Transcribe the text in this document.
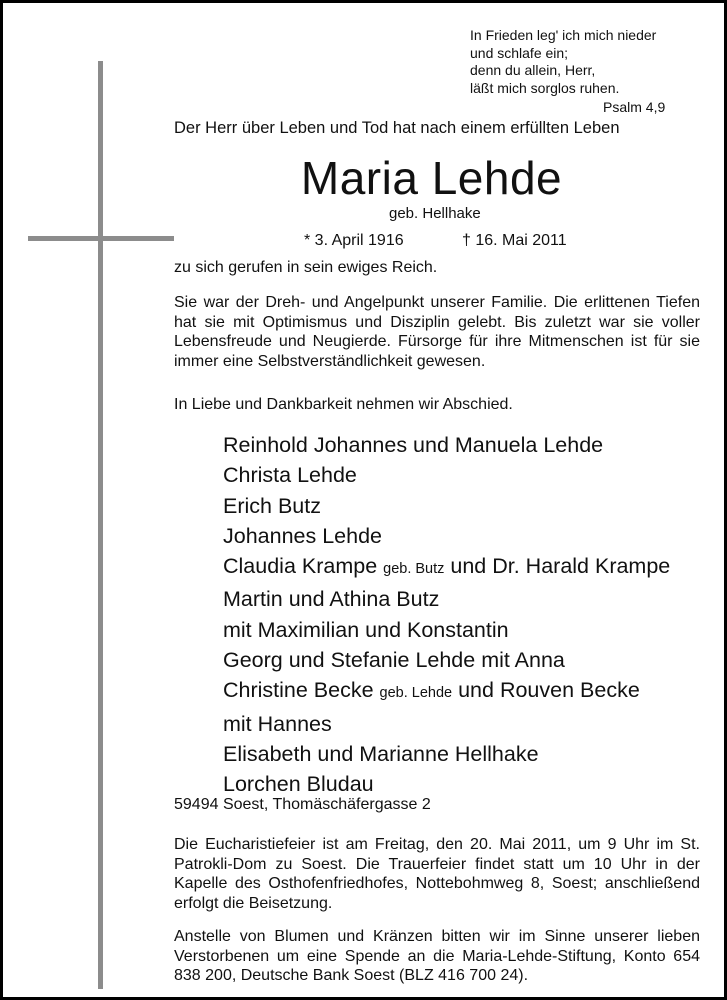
In Frieden leg' ich mich nieder
und schlafe ein;
denn du allein, Herr,
läßt mich sorglos ruhen.
Psalm 4,9
Der Herr über Leben und Tod hat nach einem erfüllten Leben
Maria Lehde
geb. Hellhake
* 3. April 1916	† 16. Mai 2011
zu sich gerufen in sein ewiges Reich.
Sie war der Dreh- und Angelpunkt unserer Familie. Die erlittenen Tiefen hat sie mit Optimismus und Disziplin gelebt. Bis zuletzt war sie voller Lebensfreude und Neugierde. Fürsorge für ihre Mitmenschen ist für sie immer eine Selbstverständlichkeit gewesen.
In Liebe und Dankbarkeit nehmen wir Abschied.
Reinhold Johannes und Manuela Lehde
Christa Lehde
Erich Butz
Johannes Lehde
Claudia Krampe geb. Butz und Dr. Harald Krampe
Martin und Athina Butz
mit Maximilian und Konstantin
Georg und Stefanie Lehde mit Anna
Christine Becke geb. Lehde und Rouven Becke
mit Hannes
Elisabeth und Marianne Hellhake
Lorchen Bludau
59494 Soest, Thomäschäfergasse 2
Die Eucharistiefeier ist am Freitag, den 20. Mai 2011, um 9 Uhr im St. Patrokli-Dom zu Soest. Die Trauerfeier findet statt um 10 Uhr in der Kapelle des Osthofenfriedhofes, Nottebohmweg 8, Soest; anschließend erfolgt die Beisetzung.
Anstelle von Blumen und Kränzen bitten wir im Sinne unserer lieben Verstorbenen um eine Spende an die Maria-Lehde-Stiftung, Konto 654 838 200, Deutsche Bank Soest (BLZ 416 700 24).
